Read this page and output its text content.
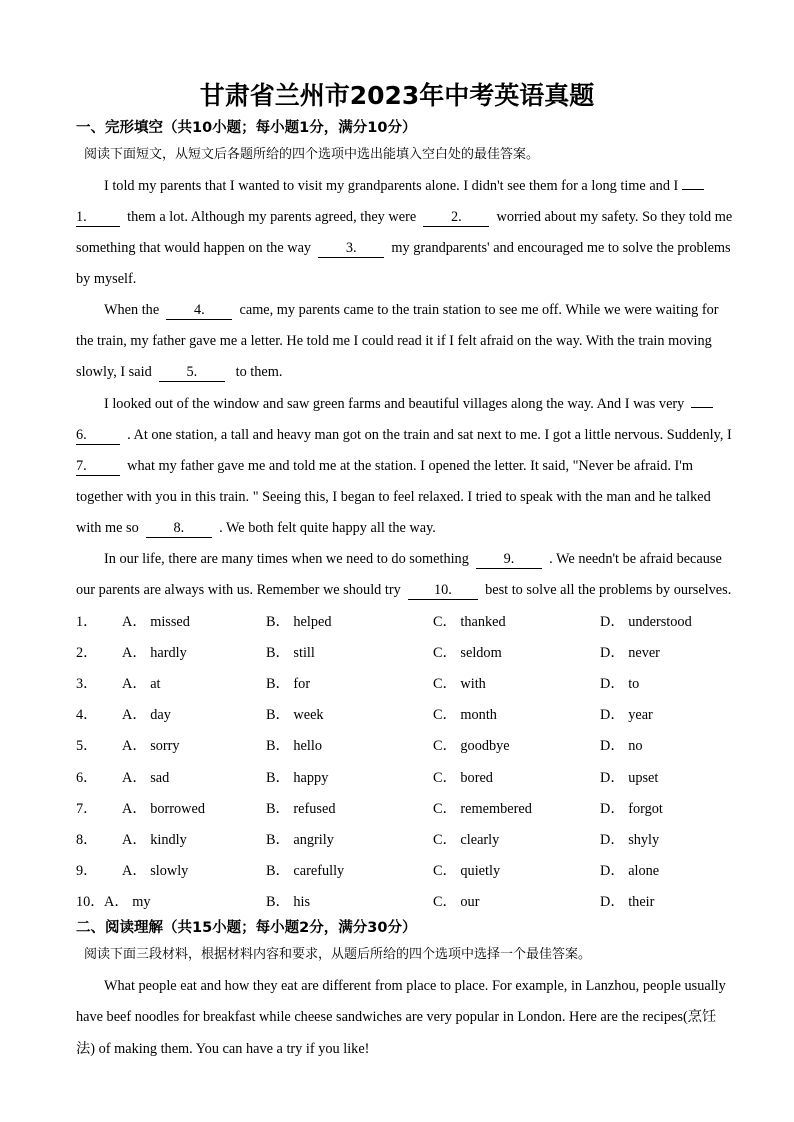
甘肃省兰州市2023年中考英语真题
一、完形填空（共10小题；每小题1分，满分10分）
阅读下面短文，从短文后各题所给的四个选项中选出能填入空白处的最佳答案。
I told my parents that I wanted to visit my grandparents alone. I didn't see them for a long time and I
1.	them a lot. Although my parents agreed, they were 2. worried about my safety. So they told me
something that would happen on the way 3. my grandparents' and encouraged me to solve the problems
by myself.
When the 4. came, my parents came to the train station to see me off. While we were waiting for
the train, my father gave me a letter. He told me I could read it if I felt afraid on the way. With the train moving
slowly, I said 5.	to them.
I looked out of the window and saw green farms and beautiful villages along the way. And I was very
6.	. At one station, a tall and heavy man got on the train and sat next to me. I got a little nervous. Suddenly, I
7.	what my father gave me and told me at the station. I opened the letter. It said, "Never be afraid. I'm
together with you in this train. " Seeing this, I began to feel relaxed. I tried to speak with the man and he talked
with me so 8. . We both felt quite happy all the way.
In our life, there are many times when we need to do something 9. . We needn't be afraid because
our parents are always with us. Remember we should try 10. best to solve all the problems by ourselves.
1． A． missed	B． helped	C． thanked	D． understood
2． A． hardly	B． still	C． seldom	D． never
3． A． at	B． for	C． with	D． to
4． A． day	B． week	C． month	D． year
5． A． sorry	B． hello	C． goodbye	D． no
6． A． sad	B． happy	C． bored	D． upset
7． A． borrowed	B． refused	C． remembered	D． forgot
8． A． kindly	B． angrily	C． clearly	D． shyly
9． A． slowly	B． carefully	C． quietly	D． alone
10． A． my	B． his	C． our	D． their
二、阅读理解（共15小题；每小题2分，满分30分）
阅读下面三段材料，根据材料内容和要求，从题后所给的四个选项中选择一个最佳答案。
What people eat and how they eat are different from place to place. For example, in Lanzhou, people usually
have beef noodles for breakfast while cheese sandwiches are very popular in London. Here are the recipes(烹饪
法) of making them. You can have a try if you like!
